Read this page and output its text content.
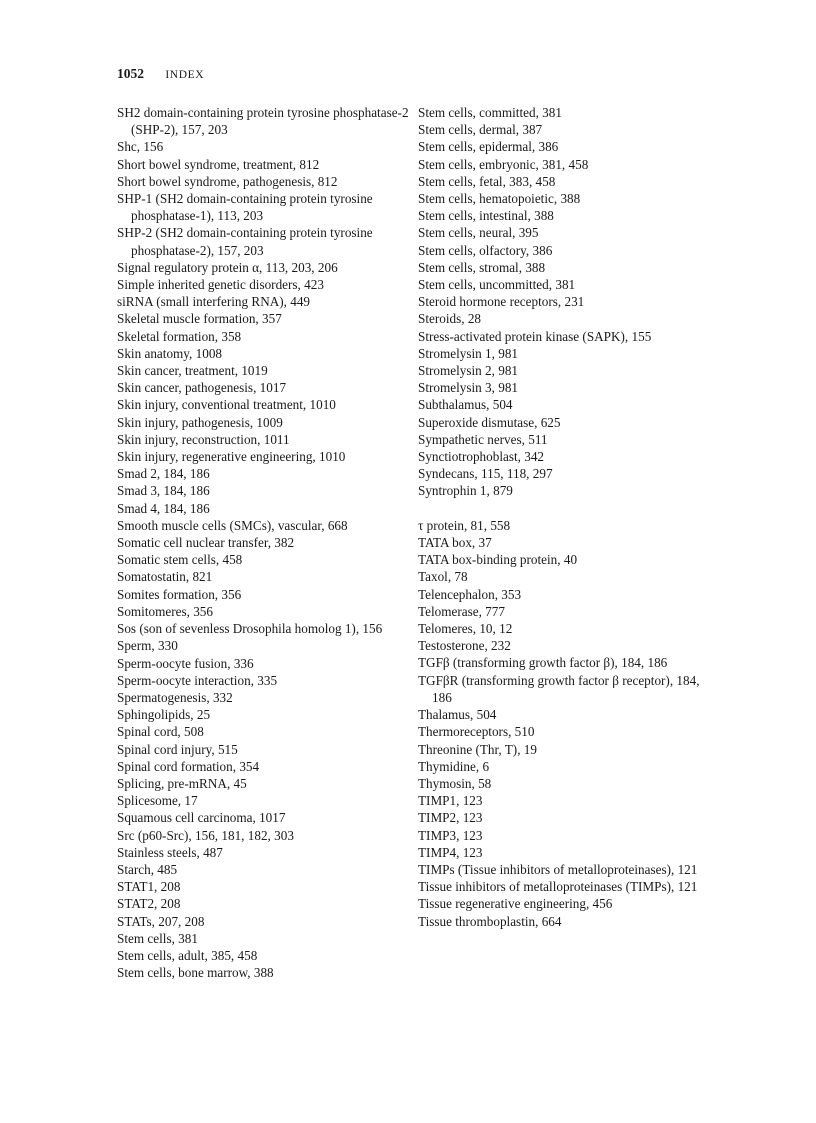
1052 INDEX
SH2 domain-containing protein tyrosine phosphatase-2 (SHP-2), 157, 203
Shc, 156
Short bowel syndrome, treatment, 812
Short bowel syndrome, pathogenesis, 812
SHP-1 (SH2 domain-containing protein tyrosine phosphatase-1), 113, 203
SHP-2 (SH2 domain-containing protein tyrosine phosphatase-2), 157, 203
Signal regulatory protein α, 113, 203, 206
Simple inherited genetic disorders, 423
siRNA (small interfering RNA), 449
Skeletal muscle formation, 357
Skeletal formation, 358
Skin anatomy, 1008
Skin cancer, treatment, 1019
Skin cancer, pathogenesis, 1017
Skin injury, conventional treatment, 1010
Skin injury, pathogenesis, 1009
Skin injury, reconstruction, 1011
Skin injury, regenerative engineering, 1010
Smad 2, 184, 186
Smad 3, 184, 186
Smad 4, 184, 186
Smooth muscle cells (SMCs), vascular, 668
Somatic cell nuclear transfer, 382
Somatic stem cells, 458
Somatostatin, 821
Somites formation, 356
Somitomeres, 356
Sos (son of sevenless Drosophila homolog 1), 156
Sperm, 330
Sperm-oocyte fusion, 336
Sperm-oocyte interaction, 335
Spermatogenesis, 332
Sphingolipids, 25
Spinal cord, 508
Spinal cord injury, 515
Spinal cord formation, 354
Splicing, pre-mRNA, 45
Splicesome, 17
Squamous cell carcinoma, 1017
Src (p60-Src), 156, 181, 182, 303
Stainless steels, 487
Starch, 485
STAT1, 208
STAT2, 208
STATs, 207, 208
Stem cells, 381
Stem cells, adult, 385, 458
Stem cells, bone marrow, 388
Stem cells, committed, 381
Stem cells, dermal, 387
Stem cells, epidermal, 386
Stem cells, embryonic, 381, 458
Stem cells, fetal, 383, 458
Stem cells, hematopoietic, 388
Stem cells, intestinal, 388
Stem cells, neural, 395
Stem cells, olfactory, 386
Stem cells, stromal, 388
Stem cells, uncommitted, 381
Steroid hormone receptors, 231
Steroids, 28
Stress-activated protein kinase (SAPK), 155
Stromelysin 1, 981
Stromelysin 2, 981
Stromelysin 3, 981
Subthalamus, 504
Superoxide dismutase, 625
Sympathetic nerves, 511
Synctiotrophoblast, 342
Syndecans, 115, 118, 297
Syntrophin 1, 879
τ protein, 81, 558
TATA box, 37
TATA box-binding protein, 40
Taxol, 78
Telencephalon, 353
Telomerase, 777
Telomeres, 10, 12
Testosterone, 232
TGFβ (transforming growth factor β), 184, 186
TGFβR (transforming growth factor β receptor), 184, 186
Thalamus, 504
Thermoreceptors, 510
Threonine (Thr, T), 19
Thymidine, 6
Thymosin, 58
TIMP1, 123
TIMP2, 123
TIMP3, 123
TIMP4, 123
TIMPs (Tissue inhibitors of metalloproteinases), 121
Tissue inhibitors of metalloproteinases (TIMPs), 121
Tissue regenerative engineering, 456
Tissue thromboplastin, 664
